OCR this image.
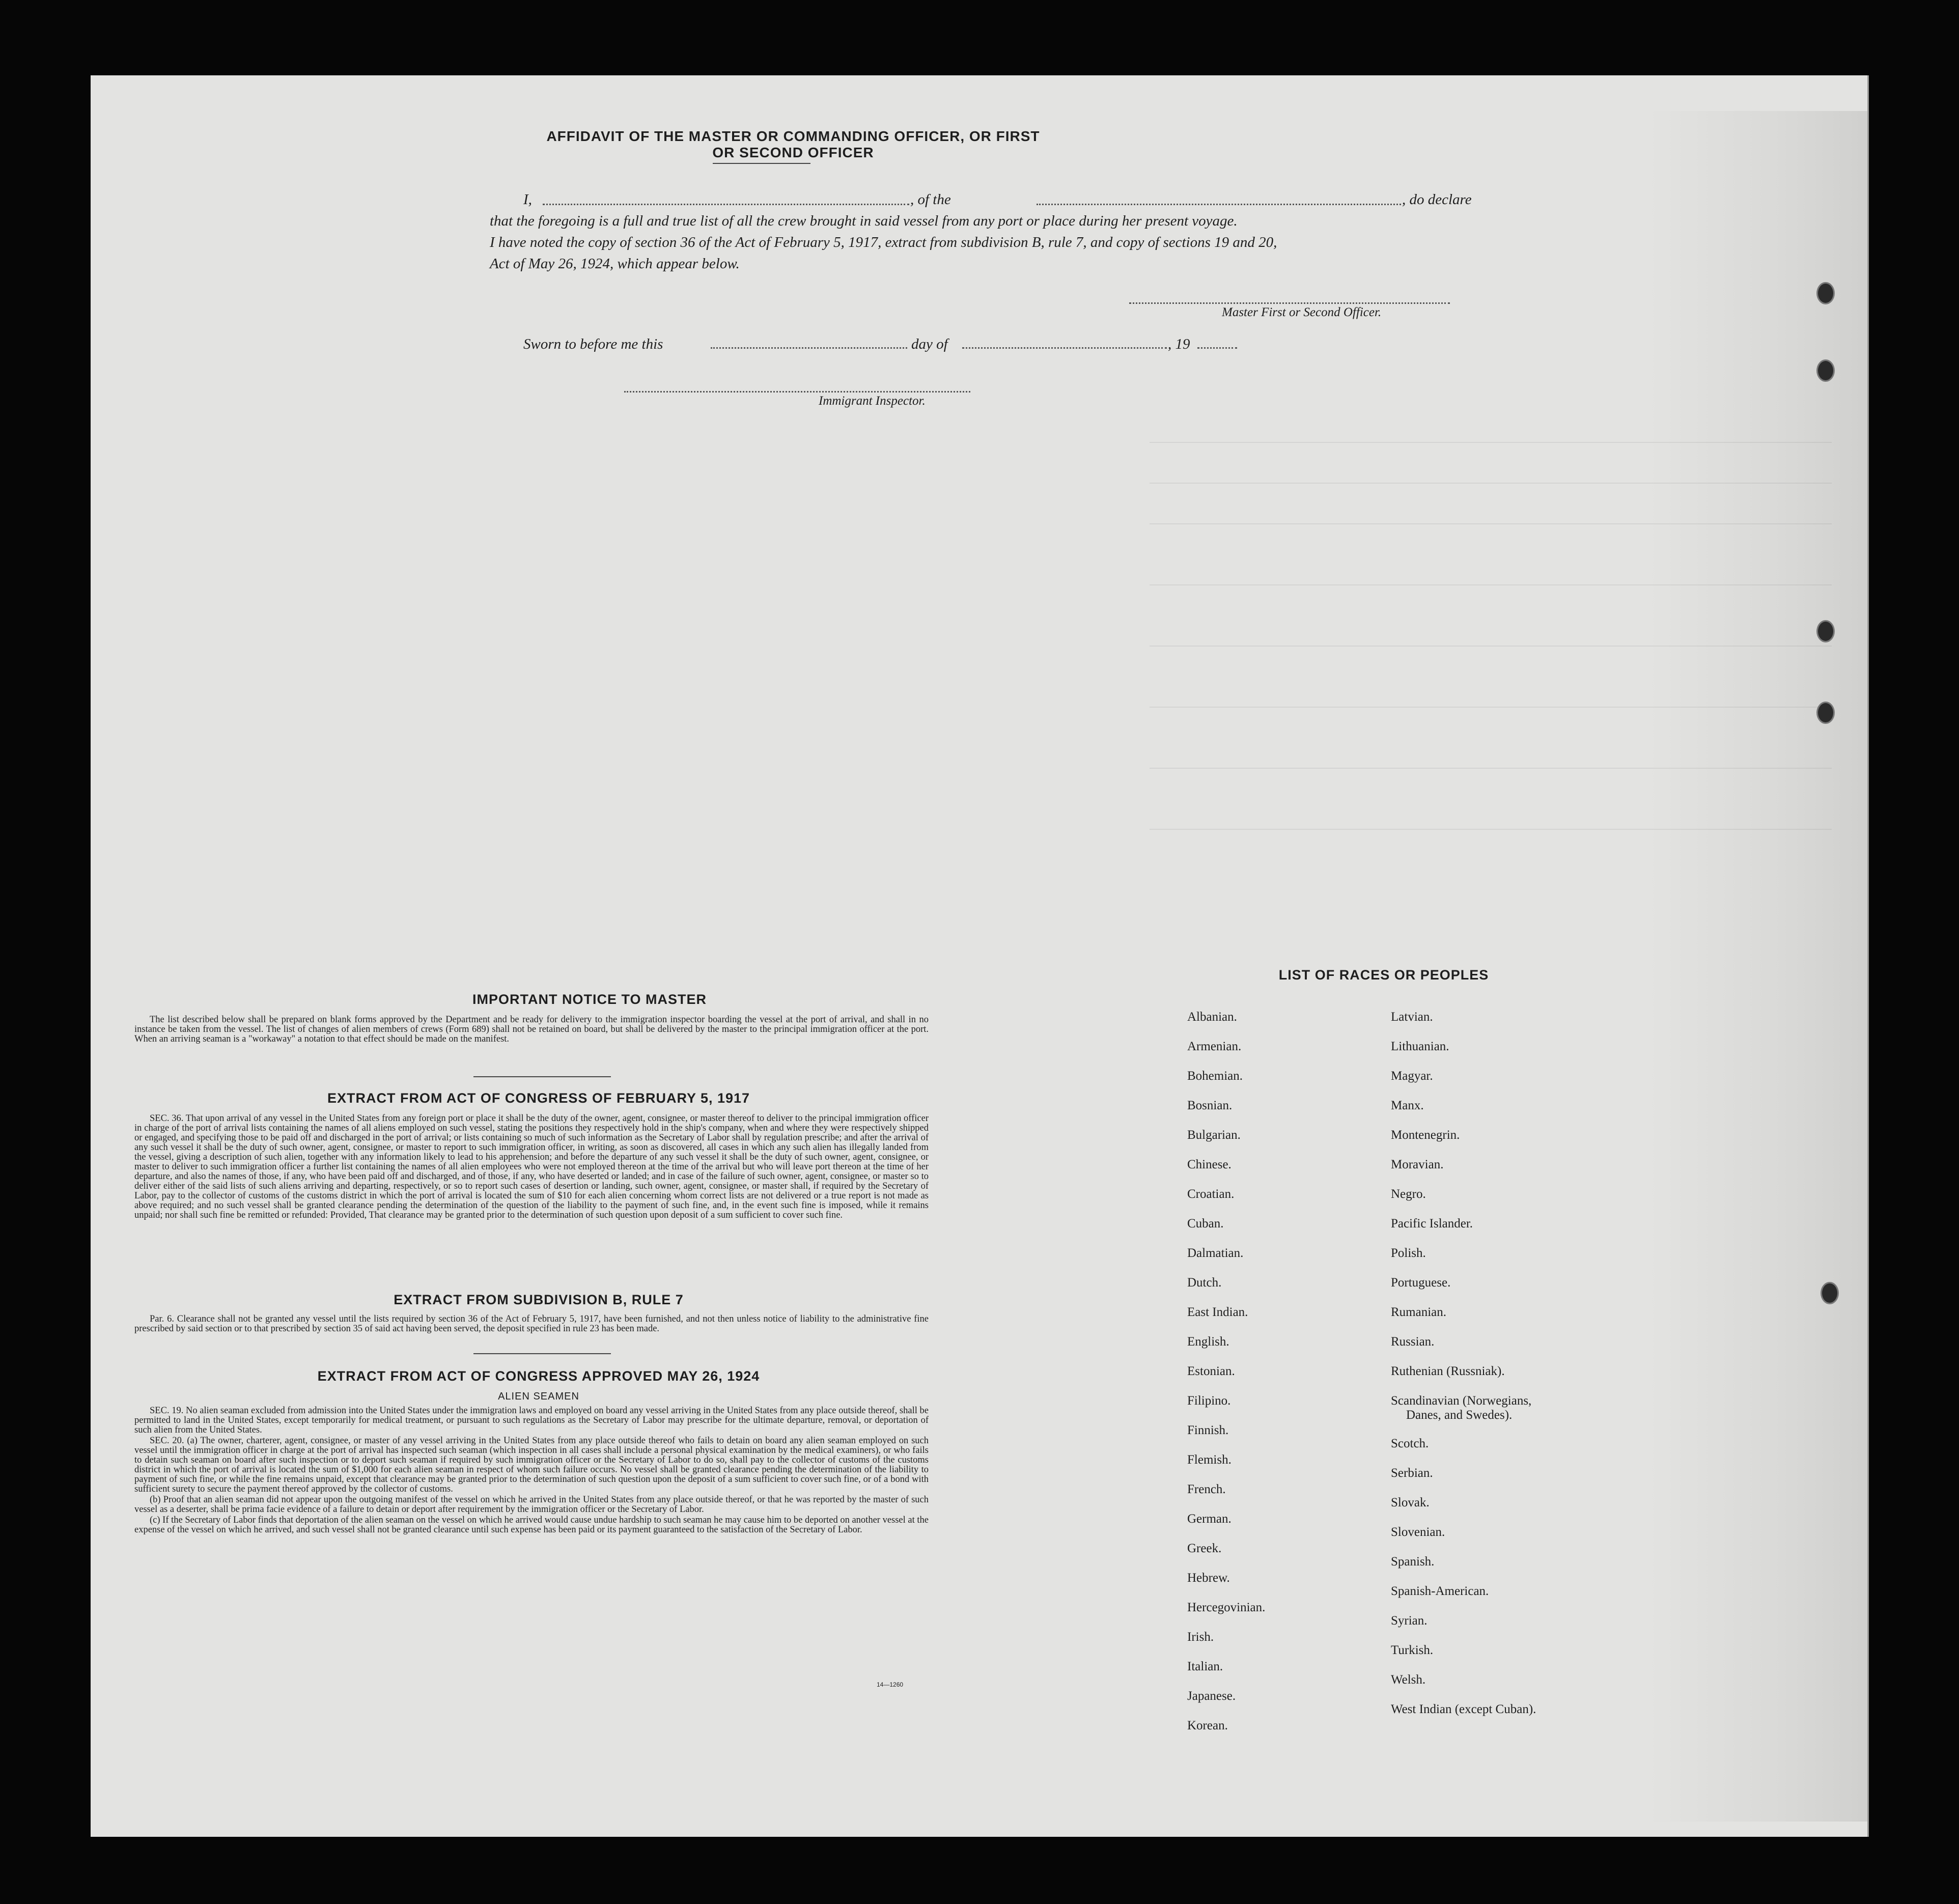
AFFIDAVIT OF THE MASTER OR COMMANDING OFFICER, OR FIRST OR SECOND OFFICER
I,	, of the	, do declare
that the foregoing is a full and true list of all the crew brought in said vessel from any port or place during her present voyage.
I have noted the copy of section 36 of the Act of February 5, 1917, extract from subdivision B, rule 7, and copy of sections 19 and 20,
Act of May 26, 1924, which appear below.
Master First or Second Officer.
Sworn to before me this	day of	, 19
Immigrant Inspector.
IMPORTANT NOTICE TO MASTER

The list described below shall be prepared on blank forms approved by the Department and be ready for delivery to the immigration inspector boarding the vessel at the port of arrival, and shall in no instance be taken from the vessel. The list of changes of alien members of crews (Form 689) shall not be retained on board, but shall be delivered by the master to the principal immigration officer at the port. When an arriving seaman is a "workaway" a notation to that effect should be made on the manifest.

EXTRACT FROM ACT OF CONGRESS OF FEBRUARY 5, 1917

SEC. 36. That upon arrival of any vessel in the United States from any foreign port or place it shall be the duty of the owner, agent, consignee, or master thereof to deliver to the principal immigration officer in charge of the port of arrival lists containing the names of all aliens employed on such vessel, stating the positions they respectively hold in the ship's company, when and where they were respectively shipped or engaged, and specifying those to be paid off and discharged in the port of arrival; or lists containing so much of such information as the Secretary of Labor shall by regulation prescribe; and after the arrival of any such vessel it shall be the duty of such owner, agent, consignee, or master to report to such immigration officer, in writing, as soon as discovered, all cases in which any such alien has illegally landed from the vessel, giving a description of such alien, together with any information likely to lead to his apprehension; and before the departure of any such vessel it shall be the duty of such owner, agent, consignee, or master to deliver to such immigration officer a further list containing the names of all alien employees who were not employed thereon at the time of the arrival but who will leave port thereon at the time of her departure, and also the names of those, if any, who have been paid off and discharged, and of those, if any, who have deserted or landed; and in case of the failure of such owner, agent, consignee, or master so to deliver either of the said lists of such aliens arriving and departing, respectively, or so to report such cases of desertion or landing, such owner, agent, consignee, or master shall, if required by the Secretary of Labor, pay to the collector of customs of the customs district in which the port of arrival is located the sum of $10 for each alien concerning whom correct lists are not delivered or a true report is not made as above required; and no such vessel shall be granted clearance pending the determination of the question of the liability to the payment of such fine, and, in the event such fine is imposed, while it remains unpaid; nor shall such fine be remitted or refunded: Provided, That clearance may be granted prior to the determination of such question upon deposit of a sum sufficient to cover such fine.

EXTRACT FROM SUBDIVISION B, RULE 7

Par. 6. Clearance shall not be granted any vessel until the lists required by section 36 of the Act of February 5, 1917, have been furnished, and not then unless notice of liability to the administrative fine prescribed by said section or to that prescribed by section 35 of said act having been served, the deposit specified in rule 23 has been made.

EXTRACT FROM ACT OF CONGRESS APPROVED MAY 26, 1924
ALIEN SEAMEN

SEC. 19. No alien seaman excluded from admission into the United States under the immigration laws and employed on board any vessel arriving in the United States from any place outside thereof, shall be permitted to land in the United States, except temporarily for medical treatment, or pursuant to such regulations as the Secretary of Labor may prescribe for the ultimate departure, removal, or deportation of such alien from the United States.

SEC. 20. (a) The owner, charterer, agent, consignee, or master of any vessel arriving in the United States from any place outside thereof who fails to detain on board any alien seaman employed on such vessel until the immigration officer in charge at the port of arrival has inspected such seaman (which inspection in all cases shall include a personal physical examination by the medical examiners), or who fails to detain such seaman on board after such inspection or to deport such seaman if required by such immigration officer or the Secretary of Labor to do so, shall pay to the collector of customs of the customs district in which the port of arrival is located the sum of $1,000 for each alien seaman in respect of whom such failure occurs. No vessel shall be granted clearance pending the determination of the liability to payment of such fine, or while the fine remains unpaid, except that clearance may be granted prior to the determination of such question upon the deposit of a sum sufficient to cover such fine, or of a bond with sufficient surety to secure the payment thereof approved by the collector of customs.

(b) Proof that an alien seaman did not appear upon the outgoing manifest of the vessel on which he arrived in the United States from any place outside thereof, or that he was reported by the master of such vessel as a deserter, shall be prima facie evidence of a failure to detain or deport after requirement by the immigration officer or the Secretary of Labor.

(c) If the Secretary of Labor finds that deportation of the alien seaman on the vessel on which he arrived would cause undue hardship to such seaman he may cause him to be deported on another vessel at the expense of the vessel on which he arrived, and such vessel shall not be granted clearance until such expense has been paid or its payment guaranteed to the satisfaction of the Secretary of Labor.

14—1260
LIST OF RACES OR PEOPLES
Albanian.
Armenian.
Bohemian.
Bosnian.
Bulgarian.
Chinese.
Croatian.
Cuban.
Dalmatian.
Dutch.
East Indian.
English.
Estonian.
Filipino.
Finnish.
Flemish.
French.
German.
Greek.
Hebrew.
Hercegovinian.
Irish.
Italian.
Japanese.
Korean.
Latvian.
Lithuanian.
Magyar.
Manx.
Montenegrin.
Moravian.
Negro.
Pacific Islander.
Polish.
Portuguese.
Rumanian.
Russian.
Ruthenian (Russniak).
Scandinavian (Norwegians,
Danes, and Swedes).
Scotch.
Serbian.
Slovak.
Slovenian.
Spanish.
Spanish-American.
Syrian.
Turkish.
Welsh.
West Indian (except Cuban).
